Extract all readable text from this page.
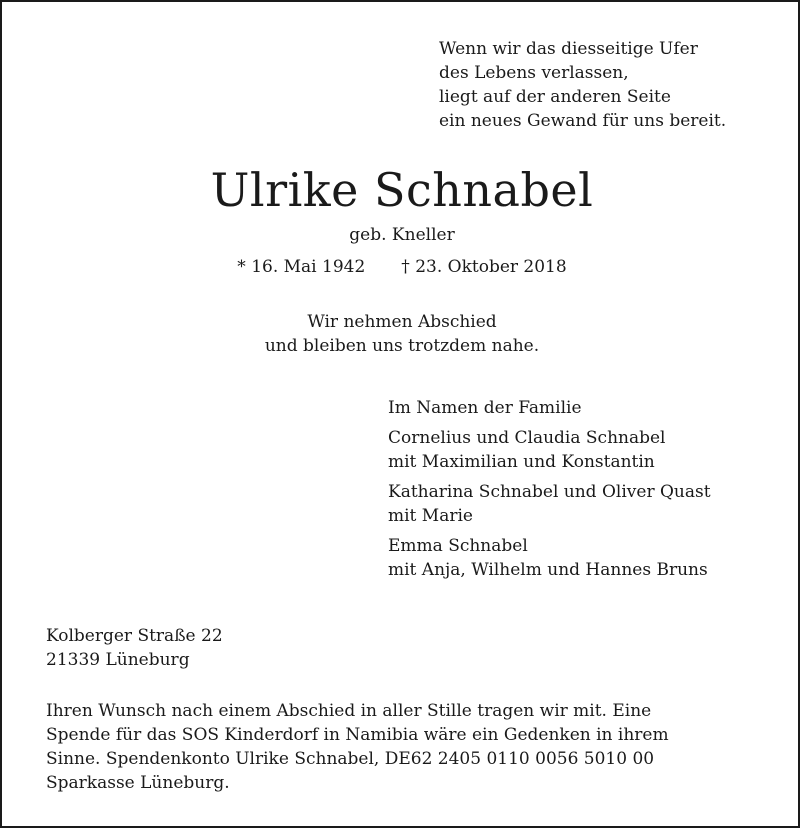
Wenn wir das diesseitige Ufer
des Lebens verlassen,
liegt auf der anderen Seite
ein neues Gewand für uns bereit.
Ulrike Schnabel
geb. Kneller
* 16. Mai 1942 † 23. Oktober 2018
Wir nehmen Abschied
und bleiben uns trotzdem nahe.
Im Namen der Familie
Cornelius und Claudia Schnabel
mit Maximilian und Konstantin
Katharina Schnabel und Oliver Quast
mit Marie
Emma Schnabel
mit Anja, Wilhelm und Hannes Bruns
Kolberger Straße 22
21339 Lüneburg
Ihren Wunsch nach einem Abschied in aller Stille tragen wir mit. Eine
Spende für das SOS Kinderdorf in Namibia wäre ein Gedenken in ihrem
Sinne. Spendenkonto Ulrike Schnabel, DE62 2405 0110 0056 5010 00
Sparkasse Lüneburg.
